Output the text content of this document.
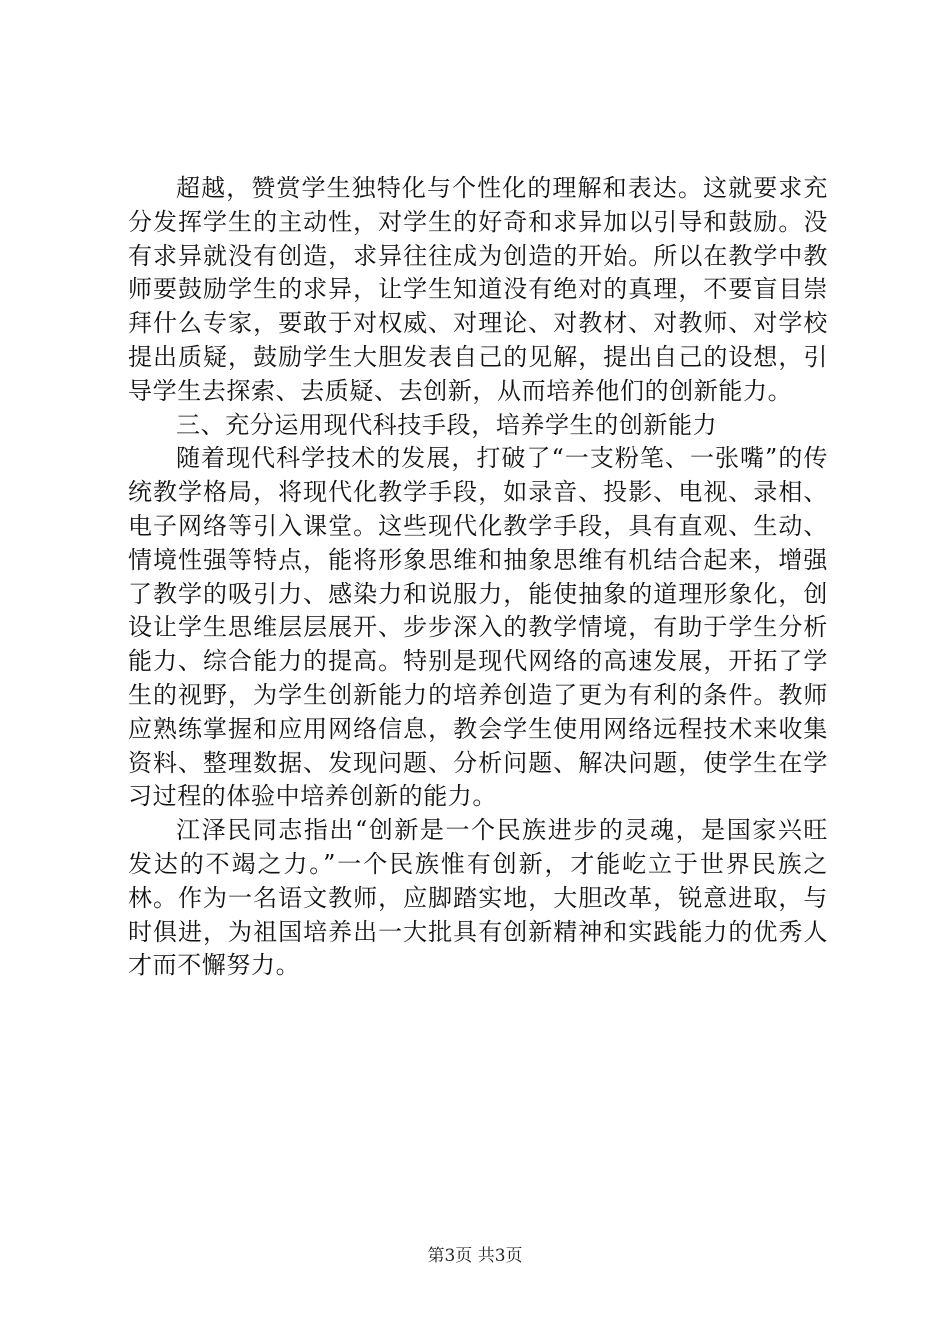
超越，赞赏学生独特化与个性化的理解和表达。这就要求充分发挥学生的主动性，对学生的好奇和求异加以引导和鼓励。没有求异就没有创造，求异往往成为创造的开始。所以在教学中教师要鼓励学生的求异，让学生知道没有绝对的真理，不要盲目崇拜什么专家，要敢于对权威、对理论、对教材、对教师、对学校提出质疑，鼓励学生大胆发表自己的见解，提出自己的设想，引导学生去探索、去质疑、去创新，从而培养他们的创新能力。

三、充分运用现代科技手段，培养学生的创新能力

随着现代科学技术的发展，打破了“一支粉笔、一张嘴”的传统教学格局，将现代化教学手段，如录音、投影、电视、录相、电子网络等引入课堂。这些现代化教学手段，具有直观、生动、情境性强等特点，能将形象思维和抽象思维有机结合起来，增强了教学的吸引力、感染力和说服力，能使抽象的道理形象化，创设让学生思维层层展开、步步深入的教学情境，有助于学生分析能力、综合能力的提高。特别是现代网络的高速发展，开拓了学生的视野，为学生创新能力的培养创造了更为有利的条件。教师应熟练掌握和应用网络信息，教会学生使用网络远程技术来收集资料、整理数据、发现问题、分析问题、解决问题，使学生在学习过程的体验中培养创新的能力。

江泽民同志指出“创新是一个民族进步的灵魂，是国家兴旺发达的不竭之力。”一个民族惟有创新，才能屹立于世界民族之林。作为一名语文教师，应脚踏实地，大胆改革，锐意进取，与时俱进，为祖国培养出一大批具有创新精神和实践能力的优秀人才而不懈努力。

第3页 共3页
